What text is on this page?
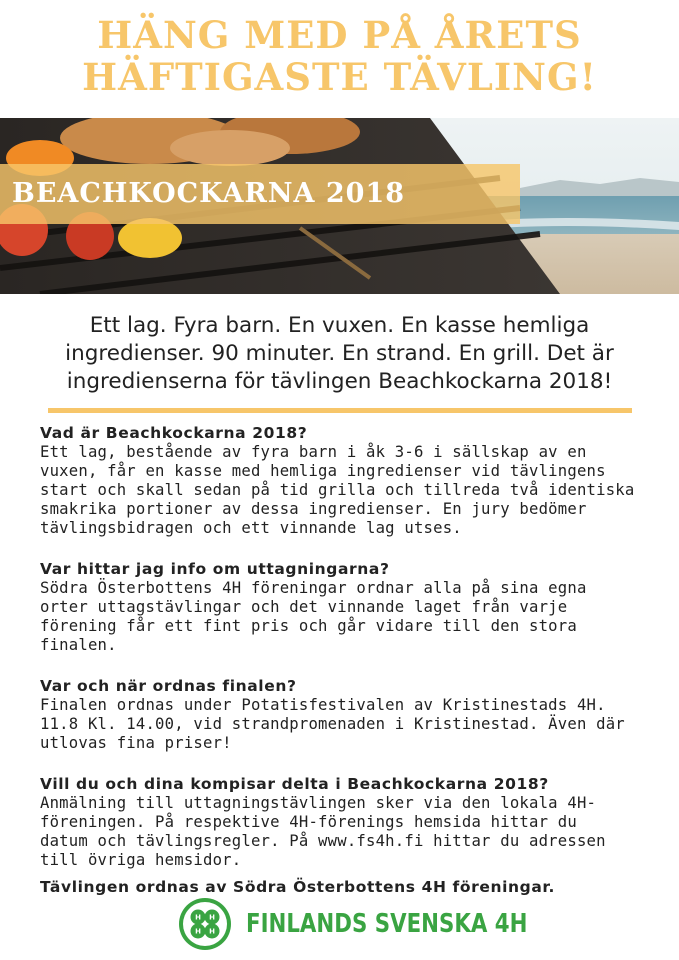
HÄNG MED PÅ ÅRETS
HÄFTIGASTE TÄVLING!
BEACHKOCKARNA 2018
Ett lag. Fyra barn. En vuxen. En kasse hemliga
ingredienser. 90 minuter. En strand. En grill. Det är
ingredienserna för tävlingen Beachkockarna 2018!
Vad är Beachkockarna 2018?
Ett lag, bestående av fyra barn i åk 3-6 i sällskap av en
vuxen, får en kasse med hemliga ingredienser vid tävlingens
start och skall sedan på tid grilla och tillreda två identiska
smakrika portioner av dessa ingredienser. En jury bedömer
tävlingsbidragen och ett vinnande lag utses.
Var hittar jag info om uttagningarna?
Södra Österbottens 4H föreningar ordnar alla på sina egna
orter uttagstävlingar och det vinnande laget från varje
förening får ett fint pris och går vidare till den stora finalen.
Var och när ordnas finalen?
Finalen ordnas under Potatisfestivalen av Kristinestads 4H.
11.8 Kl. 14.00, vid strandpromenaden i Kristinestad. Även där
utlovas fina priser!
Vill du och dina kompisar delta i Beachkockarna 2018?
Anmälning till uttagningstävlingen sker via den lokala 4H-
föreningen. På respektive 4H-förenings hemsida hittar du
datum och tävlingsregler. På www.fs4h.fi hittar du adressen
till övriga hemsidor.
Tävlingen ordnas av Södra Österbottens 4H föreningar.
H H
H H FINLANDS SVENSKA 4H
